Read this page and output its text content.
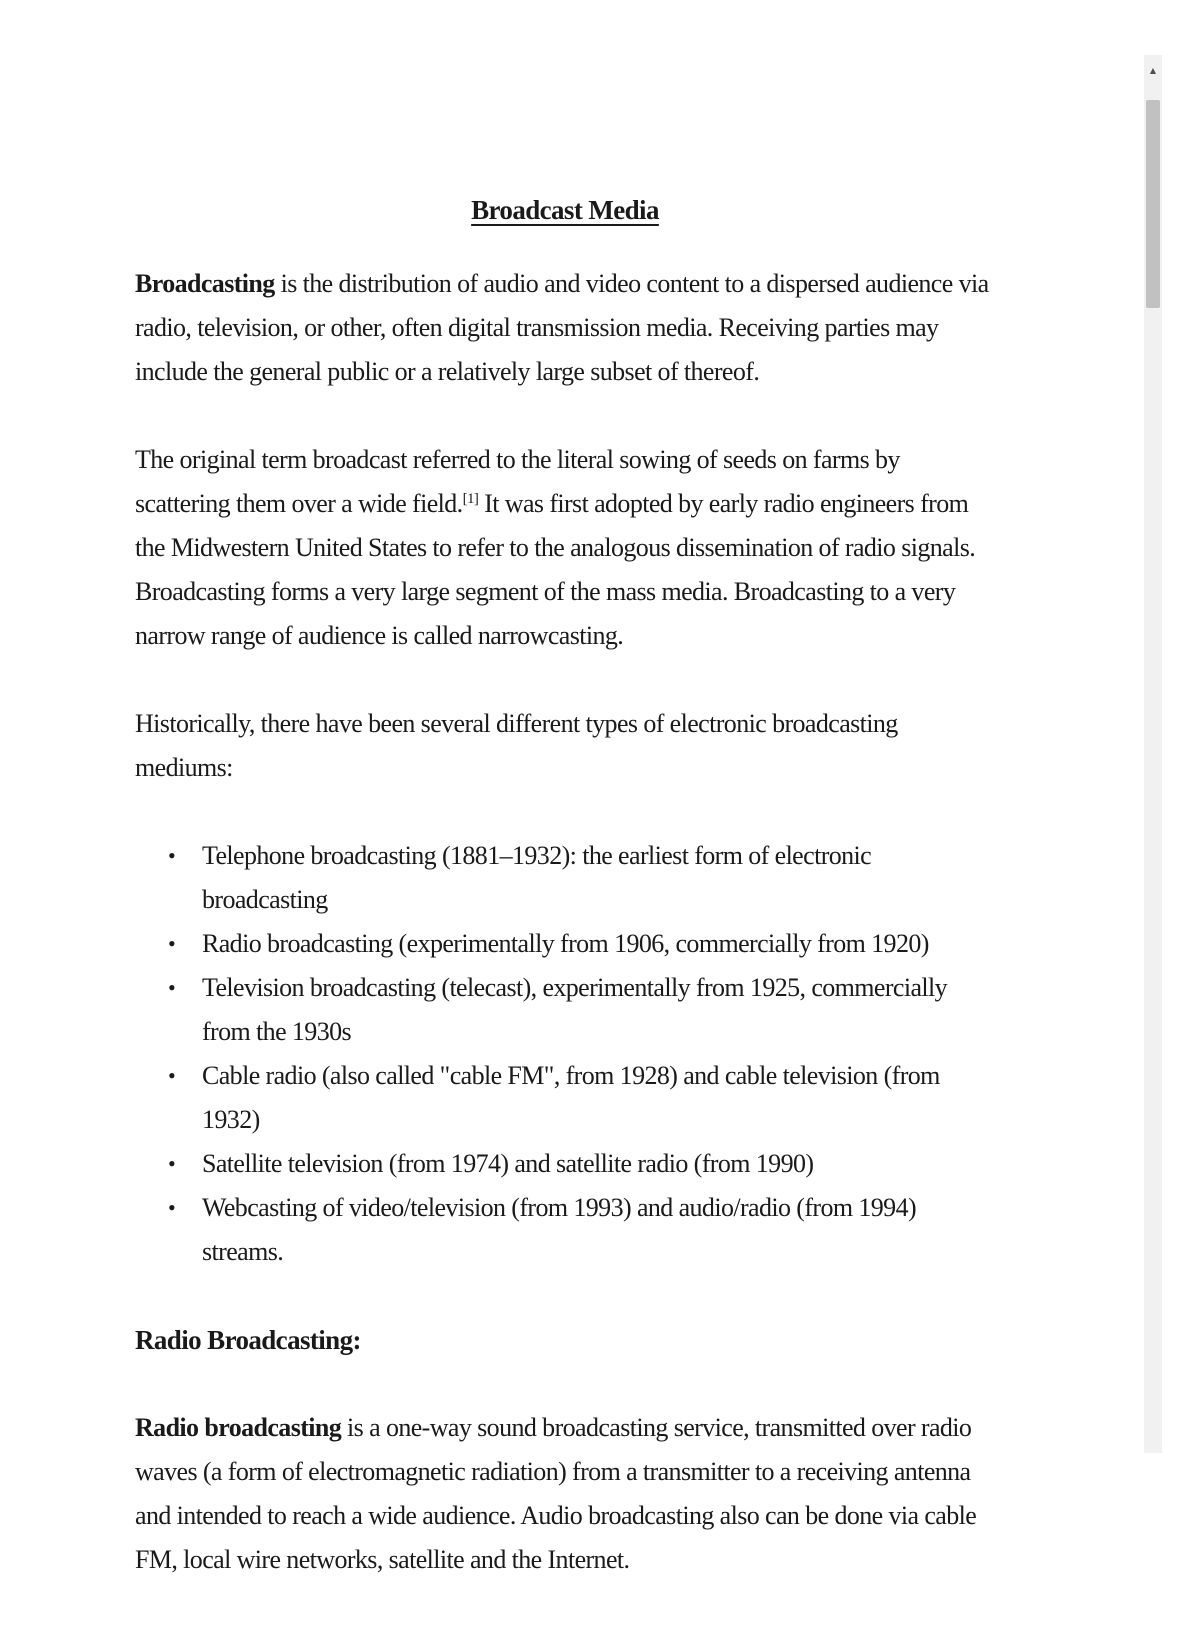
Broadcast Media

Broadcasting is the distribution of audio and video content to a dispersed audience via radio, television, or other, often digital transmission media. Receiving parties may include the general public or a relatively large subset of thereof.

The original term broadcast referred to the literal sowing of seeds on farms by scattering them over a wide field.[1] It was first adopted by early radio engineers from the Midwestern United States to refer to the analogous dissemination of radio signals. Broadcasting forms a very large segment of the mass media. Broadcasting to a very narrow range of audience is called narrowcasting.

Historically, there have been several different types of electronic broadcasting mediums:

• Telephone broadcasting (1881–1932): the earliest form of electronic broadcasting
• Radio broadcasting (experimentally from 1906, commercially from 1920)
• Television broadcasting (telecast), experimentally from 1925, commercially from the 1930s
• Cable radio (also called "cable FM", from 1928) and cable television (from 1932)
• Satellite television (from 1974) and satellite radio (from 1990)
• Webcasting of video/television (from 1993) and audio/radio (from 1994) streams.
Radio Broadcasting:

Radio broadcasting is a one-way sound broadcasting service, transmitted over radio waves (a form of electromagnetic radiation) from a transmitter to a receiving antenna and intended to reach a wide audience. Audio broadcasting also can be done via cable FM, local wire networks, satellite and the Internet.

▲
